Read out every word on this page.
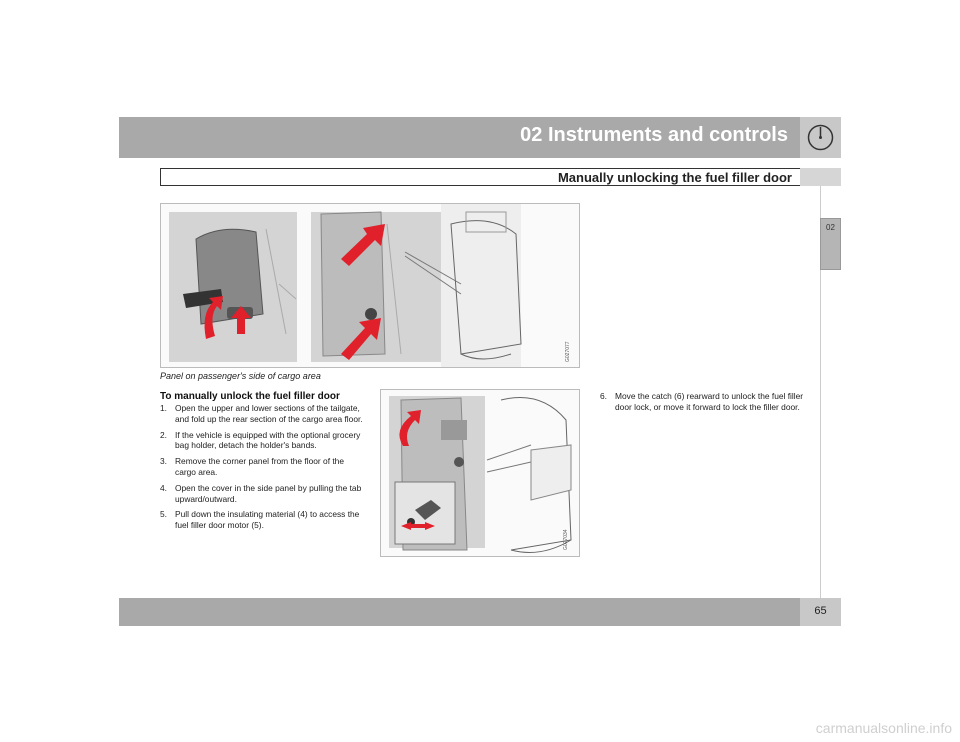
02 Instruments and controls
Manually unlocking the fuel filler door
02
G027077
Panel on passenger's side of cargo area
To manually unlock the fuel filler door
1. Open the upper and lower sections of the tailgate, and fold up the rear section of the cargo area floor.
2. If the vehicle is equipped with the optional grocery bag holder, detach the holder's bands.
3. Remove the corner panel from the floor of the cargo area.
4. Open the cover in the side panel by pulling the tab upward/outward.
5. Pull down the insulating material (4) to access the fuel filler door motor (5).
G027034
6. Move the catch (6) rearward to unlock the fuel filler door lock, or move it forward to lock the filler door.
65
carmanualsonline.info
